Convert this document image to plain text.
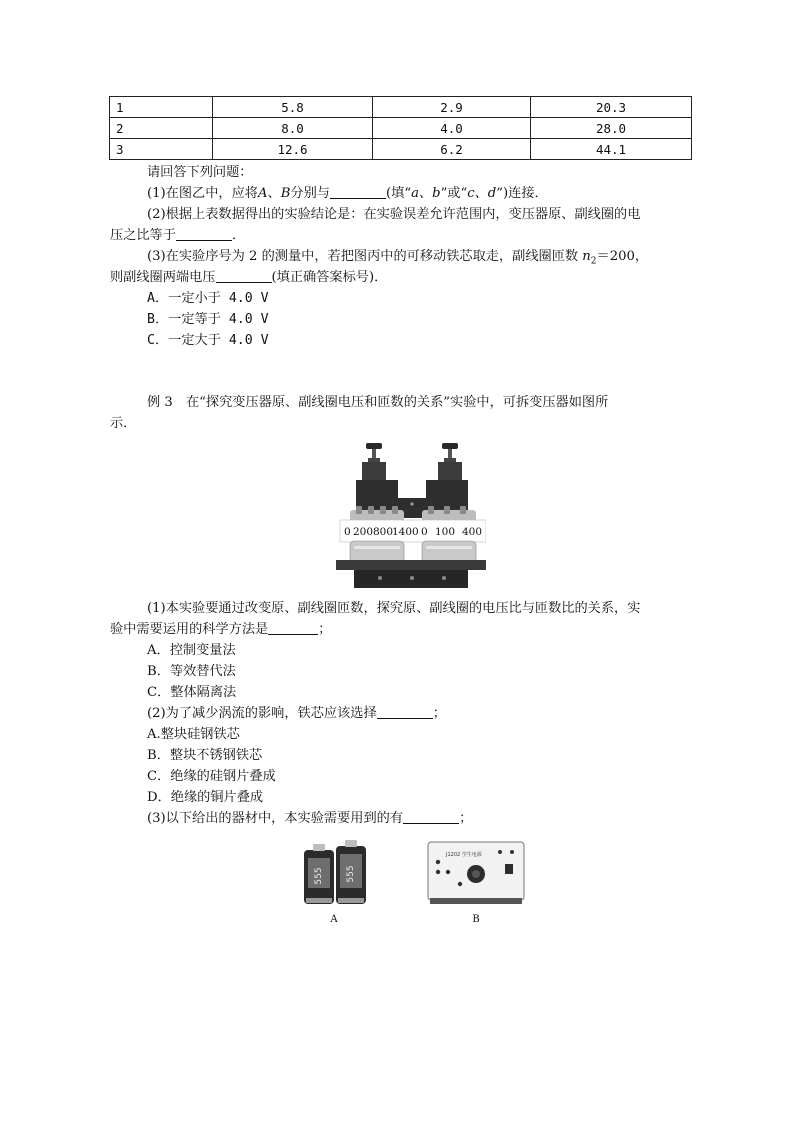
1	5.8	2.9	20.3
2	8.0	4.0	28.0
3	12.6	6.2	44.1
请回答下列问题：
(1)在图乙中，应将A、B分别与	(填“a、b”或“c、d”)连接．
(2)根据上表数据得出的实验结论是：在实验误差允许范围内，变压器原、副线圈的电
压之比等于	．
(3)在实验序号为 2 的测量中，若把图丙中的可移动铁芯取走，副线圈匝数 $n_2=200$，
则副线圈两端电压	(填正确答案标号)．
A．一定小于 4.0 V
B．一定等于 4.0 V
C．一定大于 4.0 V
例 3　在“探究变压器原、副线圈电压和匝数的关系”实验中，可拆变压器如图所
示．
0 200 800
1400 0 100 400
(1)本实验要通过改变原、副线圈匝数，探究原、副线圈的电压比与匝数比的关系，实
验中需要运用的科学方法是	；
A．控制变量法
B．等效替代法
C．整体隔离法
(2)为了减少涡流的影响，铁芯应该选择	；
A.整块硅钢铁芯
B．整块不锈钢铁芯
C．绝缘的硅钢片叠成
D．绝缘的铜片叠成
(3)以下给出的器材中，本实验需要用到的有	；
555 555
A
J1202 学生电源
B
